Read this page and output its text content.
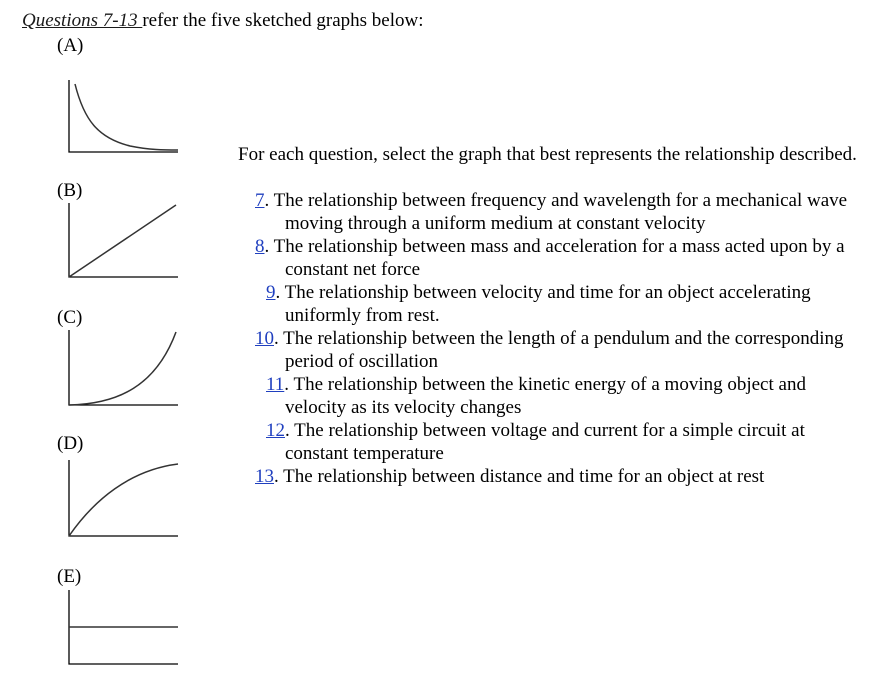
Questions 7-13 refer the five sketched graphs below:
(A)
(B)
(C)
(D)
(E)
For each question, select the graph that best represents the relationship described.
7. The relationship between frequency and wavelength for a mechanical wave
moving through a uniform medium at constant velocity
8. The relationship between mass and acceleration for a mass acted upon by a
constant net force
9. The relationship between velocity and time for an object accelerating
uniformly from rest.
10. The relationship between the length of a pendulum and the corresponding
period of oscillation
11. The relationship between the kinetic energy of a moving object and
velocity as its velocity changes
12. The relationship between voltage and current for a simple circuit at
constant temperature
13. The relationship between distance and time for an object at rest
